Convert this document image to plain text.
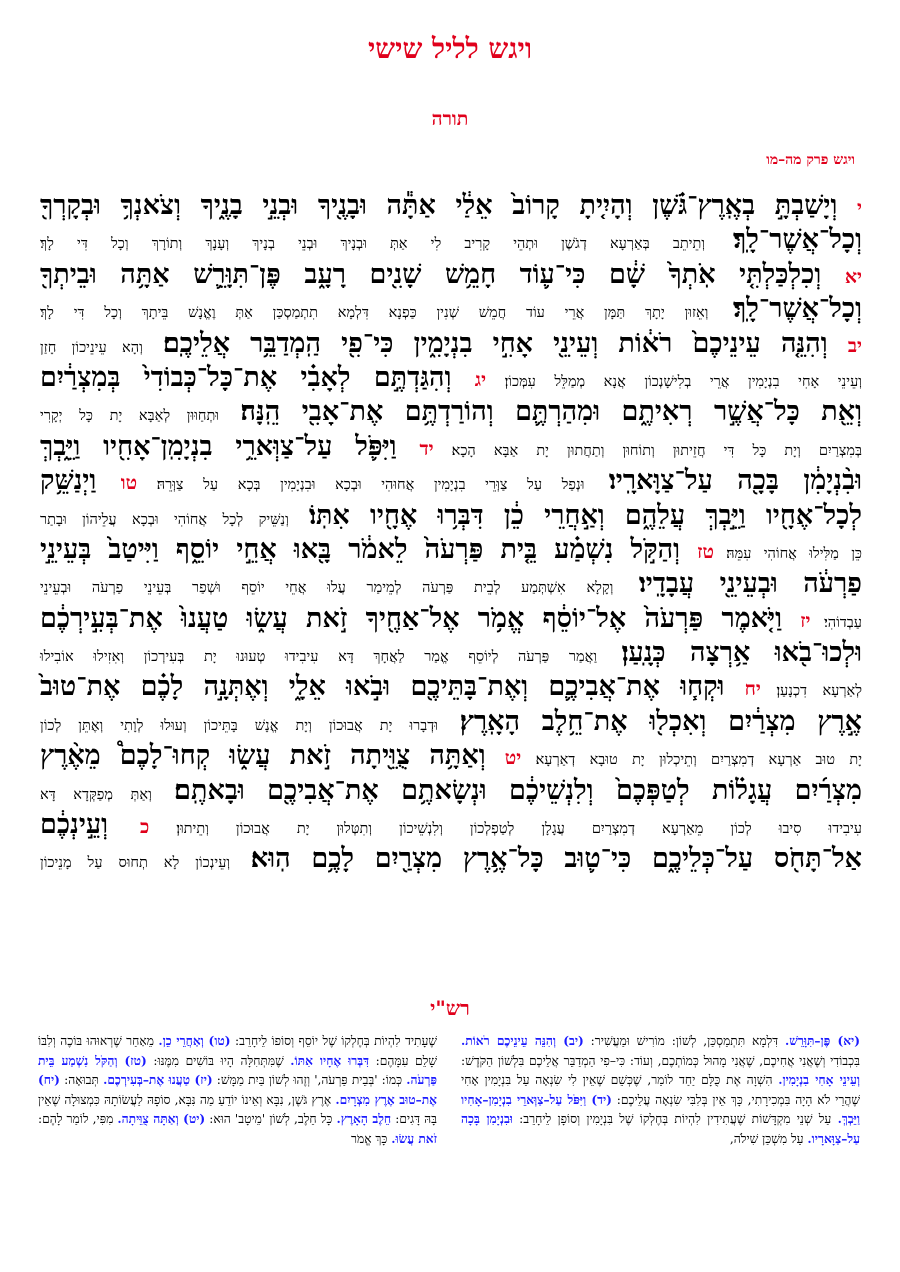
ויגש לליל שישי
תורה
ויגש פרק מה–מו
י וְיָשַׁבְתָּ֣ בְאֶֽרֶץ־גֹּ֗שֶׁן וְהָיִ֤יתָ קָרוֹב֙ אֵלַ֔י אַתָּ֕ה וּבָנֶ֖יךָ וּבְנֵ֣י בָנֶ֑יךָ וְצֹאנְךָ֥ וּבְקָרְךָ֖
וְכָל־אֲשֶׁר־לָֽךְ׃ וְתֵיתֵב בְּאַרְעָא דְגֹשֶׁן וּתְהֵי קָרִיב לִי אַתְּ וּבְנָיךְ וּבְנֵי בְנָיךְ וְעָנָךְ וְתוֹרָךְ וְכָל דִּי לָךְ׃
יא וְכִלְכַּלְתִּ֤י אֹֽתְךָ֙ שָׁ֔ם כִּי־ע֛וֹד חָמֵ֥שׁ שָׁנִ֖ים רָעָ֑ב פֶּן־תִּוָּרֵ֛שׁ אַתָּ֥ה וּבֵיתְךָ֖
וְכָל־אֲשֶׁר־לָֽךְ׃ וְאֵזוּן יָתָךְ תַּמָּן אֲרֵי עוֹד חֲמֵשׁ שְׁנִין כַּפְנָא דִּלְמָא תִתְמַסְכַּן אַתְּ וֶאֱנָשׁ בֵּיתָךְ וְכָל דִּי לָךְ׃
יב וְהִנֵּ֤ה עֵינֵיכֶם֙ רֹא֔וֹת וְעֵינֵ֖י אָחִ֣י בִנְיָמִ֑ין כִּי־פִ֖י הַֽמְדַבֵּ֥ר אֲלֵיכֶֽם׃ וְהָא עֵינֵיכוֹן חָזַן
וְעֵינֵי אָחִי בִנְיָמִין אֲרֵי בְלִישָׁנְכוֹן אֲנָא מְמַלֵּל עִמְּכוֹן׃ יג וְהִגַּדְתֶּ֣ם לְאָבִ֗י אֶת־כָּל־כְּבוֹדִי֙ בְּמִצְרַ֔יִם
וְאֵ֖ת כָּל־אֲשֶׁ֣ר רְאִיתֶ֑ם וּמִהַרְתֶּ֛ם וְהוֹרַדְתֶּ֥ם אֶת־אָבִ֖י הֵֽנָּה׃ וּתְחַוּוּן לְאַבָּא יָת כָּל יְקָרִי
בְּמִצְרַיִם וְיָת כָּל דִּי חֲזֵיתוּן וְתוֹחוּן וְתַחֲתוּן יָת אַבָּא הָכָא׃ יד וַיִּפֹּ֛ל עַל־צַוְּארֵ֥י בִנְיָמִֽן־אָחִ֖יו וַיֵּ֑בְךְּ
וּבִ֨נְיָמִ֔ן בָּכָ֖ה עַל־צַוָּארָֽיו׃ וּנְפַל עַל צַוְּרֵי בִנְיָמִין אֲחוּהִי וּבְכָא וּבִנְיָמִין בְּכָא עַל צַוְּרֵהּ׃ טו וַיְנַשֵּׁ֥ק
לְכָל־אֶחָ֖יו וַיֵּ֣בְךְּ עֲלֵהֶ֑ם וְאַ֣חֲרֵי כֵ֔ן דִּבְּר֥וּ אֶחָ֖יו אִתּֽוֹ׃ וְנַשֵּׁיק לְכָל אֲחוֹהִי וּבְכָא עֲלֵיהוֹן וּבָתַר
כֵּן מַלִּילוּ אֲחוֹהִי עִמֵּהּ׃ טז וְהַקֹּ֣ל נִשְׁמַ֗ע בֵּ֤ית פַּרְעֹה֙ לֵאמֹ֔ר בָּ֖אוּ אֲחֵ֣י יוֹסֵ֑ף וַיִּיטַב֙ בְּעֵינֵ֣י
פַרְעֹ֔ה וּבְעֵינֵ֖י עֲבָדָֽיו׃ וְקָלָא אִשְׁתְּמַע לְבֵית פַּרְעֹה לְמֵימַר עֲלוּ אֲחֵי יוֹסֵף וּשְׁפַר בְּעֵינֵי פַרְעֹה וּבְעֵינֵי
עַבְדוֹהִי׃ יז וַיֹּ֤אמֶר פַּרְעֹה֙ אֶל־יוֹסֵ֔ף אֱמֹ֥ר אֶל־אַחֶ֖יךָ זֹ֣את עֲשׂ֑וּ טַעֲנוּ֙ אֶת־בְּעִ֣ירְכֶ֔ם
וּלְכוּ־בֹ֖אוּ אַ֥רְצָה כְּנָֽעַן׃ וַאֲמַר פַּרְעֹה לְיוֹסֵף אֱמַר לַאֲחָךְ דָּא עִיבִידוּ טְעוּנוּ יָת בְּעִירְכוֹן וְאִזִילוּ אוֹבִילוּ
לְאַרְעָא דִכְנָעַן׃ יח וּקְח֧וּ אֶת־אֲבִיכֶ֛ם וְאֶת־בָּתֵּיכֶ֖ם וּבֹ֣אוּ אֵלָ֑י וְאֶתְּנָ֣ה לָכֶ֗ם אֶת־טוּב֙
אֶ֣רֶץ מִצְרַ֔יִם וְאִכְל֖וּ אֶת־חֵ֥לֶב הָאָֽרֶץ׃ וּדְבָרוּ יָת אֲבוּכוֹן וְיָת אֱנָשׁ בָּתֵּיכוֹן וְעוּלוּ לְוָתִי וְאֶתֵּן לְכוֹן
יָת טוּב אַרְעָא דְמִצְרַיִם וְתֵיכְלוּן יָת טוּבָא דְאַרְעָא׃ יט וְאַתָּ֥ה צֻוֵּ֖יתָה זֹ֣את עֲשׂ֑וּ קְחוּ־לָכֶם֩ מֵאֶ֨רֶץ
מִצְרַ֜יִם עֲגָל֗וֹת לְטַפְּכֶם֙ וְלִנְשֵׁיכֶ֔ם וּנְשָׂאתֶ֥ם אֶת־אֲבִיכֶ֖ם וּבָאתֶֽם׃ וְאַתְּ מְפַקְּדָא דָּא
עִיבִידוּ סִיבוּ לְכוֹן מֵאַרְעָא דְמִצְרַיִם עֲגָלָן לְטַפְלְכוֹן וְלִנְשֵׁיכוֹן וְתִטְּלוּן יָת אֲבוּכוֹן וְתֵיתוּן׃ כ וְעֵ֣ינְכֶ֔ם
אַל־תָּחֹ֖ס עַל־כְּלֵיכֶ֑ם כִּי־ט֛וּב כָּל־אֶ֥רֶץ מִצְרַ֖יִם לָכֶ֥ם הֽוּא׃ וְעֵינְכוֹן לָא תְחוּס עַל מָנֵיכוֹן
רש"י
(יא) פֶּן–תִּוָּרֵשׁ. דִּלְמָא תִּתְמַסְכַּן, לְשׁוֹן: מוֹרִישׁ וּמַעֲשִׁיר: (יב) וְהִנֵּה עֵינֵיכֶם רֹאוֹת. בִּכְבוֹדִי וְשֶׁאֲנִי אֲחִיכֶם, שֶׁאֲנִי מָהוּל כְּמוֹתְכֶם, וְעוֹד: כִּי–פִי הַמְדַבֵּר אֲלֵיכֶם בִּלְשׁוֹן הַקֹּדֶשׁ: וְעֵינֵי אָחִי בִנְיָמִין. הִשְׁוָה אֶת כֻּלָּם יַחַד לוֹמַר, שֶׁכְּשֵׁם שֶׁאֵין לִי שִׂנְאָה עַל בִּנְיָמִין אָחִי שֶׁהֲרֵי לֹא הָיָה בִּמְכִירָתִי, כָּךְ אֵין בְּלִבִּי שִׂנְאָה עֲלֵיכֶם: (יד) וַיִּפֹּל עַל–צַוְּארֵי בִנְיָמִן–אָחִיו וַיֵּבְךְּ. עַל שְׁנֵי מִקְדָּשׁוֹת שֶׁעֲתִידִין לִהְיוֹת בְּחֶלְקוֹ שֶׁל בִּנְיָמִין וְסוֹפָן לֵיחָרֵב: וּבִנְיָמִן בָּכָה עַל–צַוָּארָיו. עַל מִשְׁכַּן שִׁילֹה,
שֶׁעָתִיד לִהְיוֹת בְּחֶלְקוֹ שֶׁל יוֹסֵף וְסוֹפוֹ לֵיחָרֵב: (טו) וְאַחֲרֵי כֵן. מֵאַחַר שֶׁרְאוּהוּ בּוֹכֶה וְלִבּוֹ שָׁלֵם עִמָּהֶם: דִּבְּרוּ אֶחָיו אִתּוֹ. שֶׁמִּתְּחִלָּה הָיוּ בּוֹשִׁים מִמֶּנּוּ: (טז) וְהַקֹּל נִשְׁמַע בֵּית פַּרְעֹה. כְּמוֹ: 'בְּבֵית פַּרְעֹה,' וְזֶהוּ לְשׁוֹן בַּיִת מַמָּשׁ: (יז) טַעֲנוּ אֶת–בְּעִירְכֶם. תְּבוּאָה: (יח) אֶת–טוּב אֶרֶץ מִצְרָיִם. אֶרֶץ גֹּשֶׁן, נִבָּא וְאֵינוֹ יוֹדֵעַ מַה נִּבָּא, סוֹפָהּ לַעֲשׂוֹתָהּ כִּמְצוּלָה שֶׁאֵין בָּהּ דָּגִים: חֵלֶב הָאָרֶץ. כָּל חֵלֶב, לְשׁוֹן 'מֵיטָב' הוּא: (יט) וְאַתָּה צֻוֵּיתָה. מִפִּי, לוֹמַר לָהֶם: זֹאת עֲשׂוּ. כָּךְ אֱמֹר
